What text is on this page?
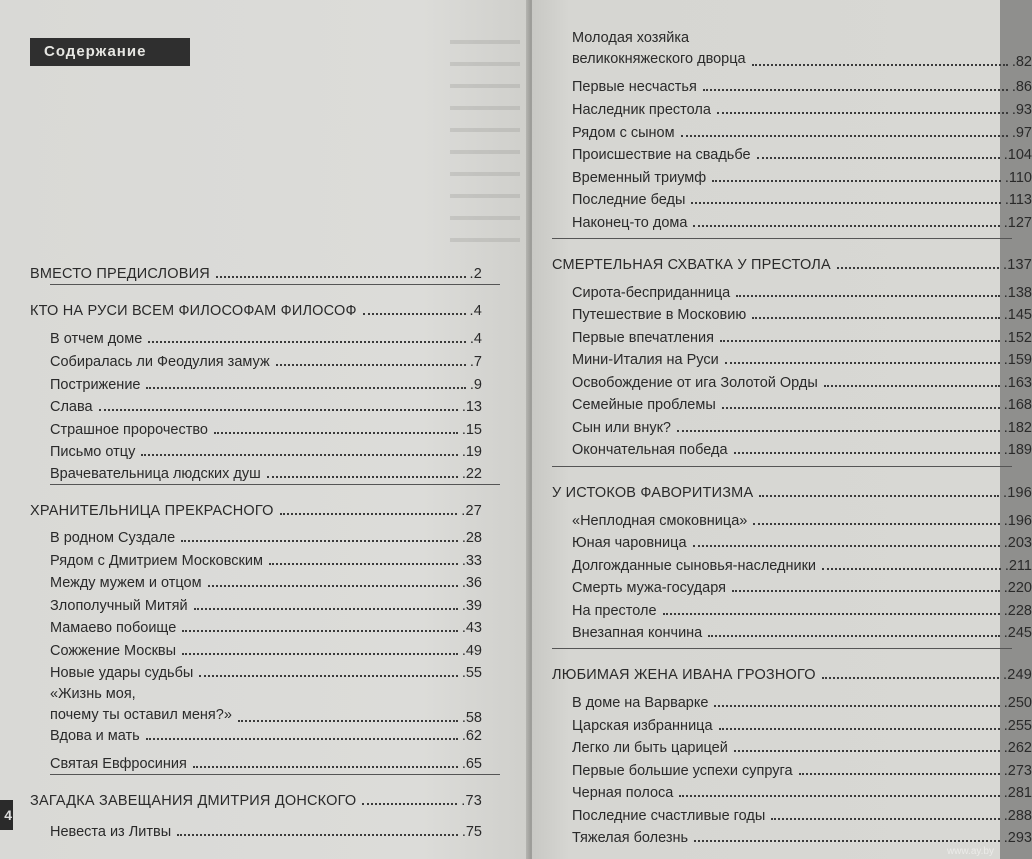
Содержание
4
ВМЕСТО ПРЕДИСЛОВИЯ	.2
КТО НА РУСИ ВСЕМ ФИЛОСОФАМ ФИЛОСОФ	.4
В отчем доме	.4
Собиралась ли Феодулия замуж	.7
Пострижение	.9
Слава	.13
Страшное пророчество	.15
Письмо отцу	.19
Врачевательница людских душ	.22
ХРАНИТЕЛЬНИЦА ПРЕКРАСНОГО	.27
В родном Суздале	.28
Рядом с Дмитрием Московским	.33
Между мужем и отцом	.36
Злополучный Митяй	.39
Мамаево побоище	.43
Сожжение Москвы	.49
Новые удары судьбы	.55
«Жизнь моя,
почему ты оставил меня?»	.58
Вдова и мать	.62
Святая Евфросиния	.65
ЗАГАДКА ЗАВЕЩАНИЯ ДМИТРИЯ ДОНСКОГО	.73
Невеста из Литвы	.75
Молодая хозяйка
великокняжеского дворца	.82
Первые несчастья	.86
Наследник престола	.93
Рядом с сыном	.97
Происшествие на свадьбе	.104
Временный триумф	.110
Последние беды	.113
Наконец-то дома	.127
СМЕРТЕЛЬНАЯ СХВАТКА У ПРЕСТОЛА	.137
Сирота-бесприданница	.138
Путешествие в Московию	.145
Первые впечатления	.152
Мини-Италия на Руси	.159
Освобождение от ига Золотой Орды	.163
Семейные проблемы	.168
Сын или внук?	.182
Окончательная победа	.189
У ИСТОКОВ ФАВОРИТИЗМА	.196
«Неплодная смоковница»	.196
Юная чаровница	.203
Долгожданные сыновья-наследники	.211
Смерть мужа-государя	.220
На престоле	.228
Внезапная кончина	.245
ЛЮБИМАЯ ЖЕНА ИВАНА ГРОЗНОГО	.249
В доме на Варварке	.250
Царская избранница	.255
Легко ли быть царицей	.262
Первые большие успехи супруга	.273
Черная полоса	.281
Последние счастливые годы	.288
Тяжелая болезнь	.293
www.ay.by
